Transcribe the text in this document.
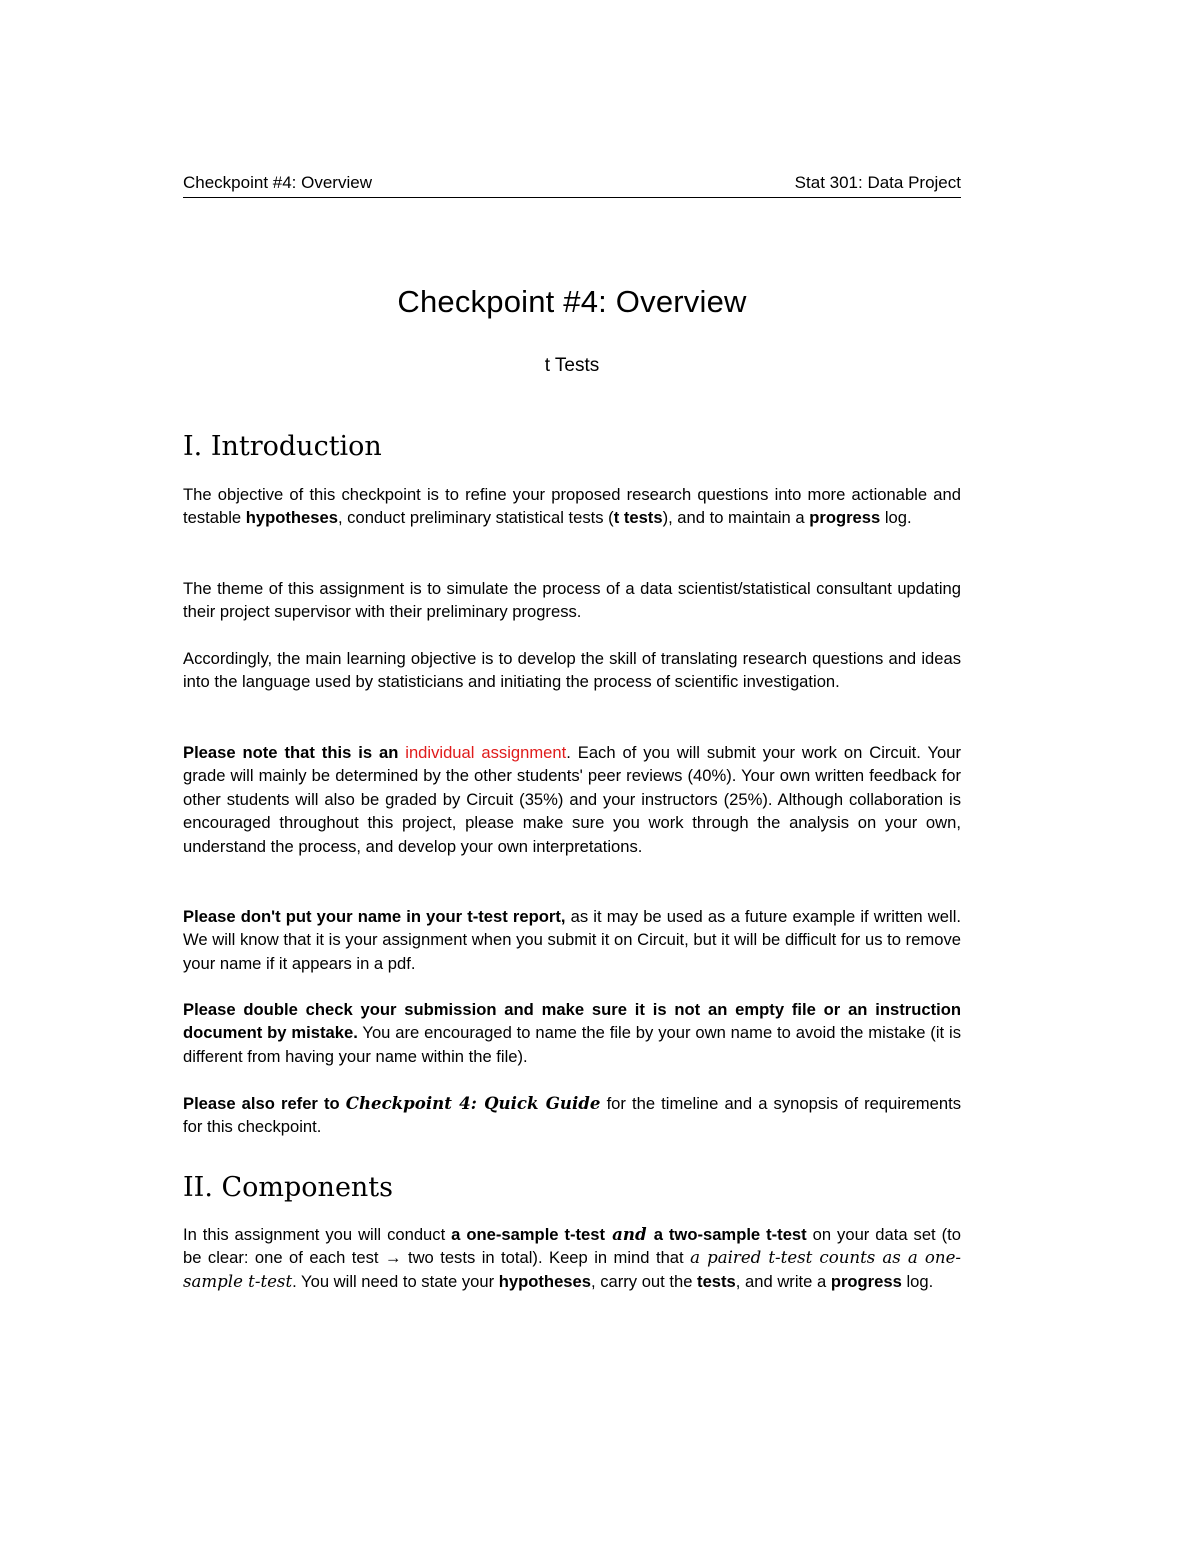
Checkpoint #4: Overview	Stat 301: Data Project
Checkpoint #4: Overview
t Tests
I. Introduction

The objective of this checkpoint is to refine your proposed research questions into more actionable and testable hypotheses, conduct preliminary statistical tests (t tests), and to maintain a progress log.

The theme of this assignment is to simulate the process of a data scientist/statistical consultant updating their project supervisor with their preliminary progress.

Accordingly, the main learning objective is to develop the skill of translating research questions and ideas into the language used by statisticians and initiating the process of scientific investigation.

Please note that this is an individual assignment. Each of you will submit your work on Circuit. Your grade will mainly be determined by the other students' peer reviews (40%). Your own written feedback for other students will also be graded by Circuit (35%) and your instructors (25%). Although collaboration is encouraged throughout this project, please make sure you work through the analysis on your own, understand the process, and develop your own interpretations.

Please don't put your name in your t-test report, as it may be used as a future example if written well. We will know that it is your assignment when you submit it on Circuit, but it will be difficult for us to remove your name if it appears in a pdf.

Please double check your submission and make sure it is not an empty file or an instruction document by mistake. You are encouraged to name the file by your own name to avoid the mistake (it is different from having your name within the file).

Please also refer to Checkpoint 4: Quick Guide for the timeline and a synopsis of requirements for this checkpoint.

II. Components

In this assignment you will conduct a one-sample t-test and a two-sample t-test on your data set (to be clear: one of each test → two tests in total). Keep in mind that a paired t-test counts as a one-sample t-test. You will need to state your hypotheses, carry out the tests, and write a progress log.
